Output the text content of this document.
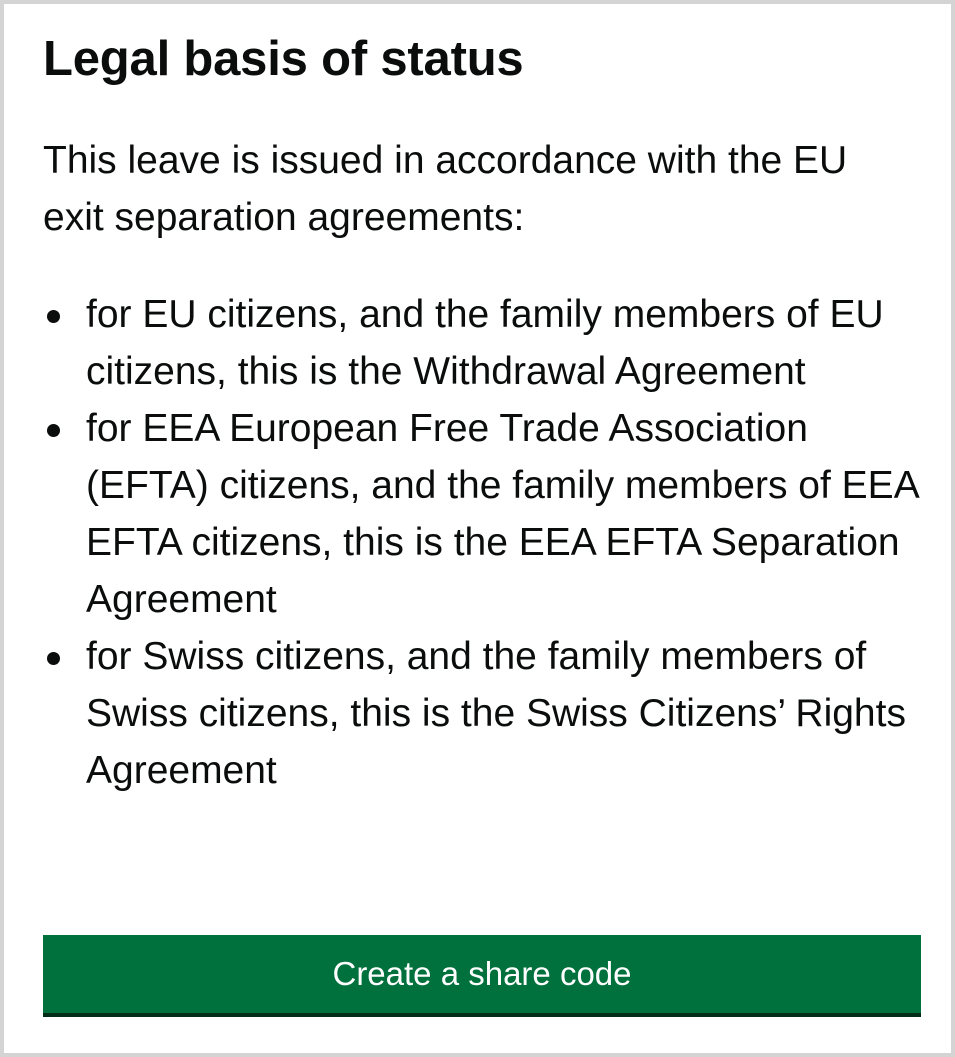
Legal basis of status

This leave is issued in accordance with the EU exit separation agreements:

for EU citizens, and the family members of EU citizens, this is the Withdrawal Agreement
for EEA European Free Trade Association (EFTA) citizens, and the family members of EEA EFTA citizens, this is the EEA EFTA Separation Agreement
for Swiss citizens, and the family members of Swiss citizens, this is the Swiss Citizens’ Rights Agreement
Create a share code
